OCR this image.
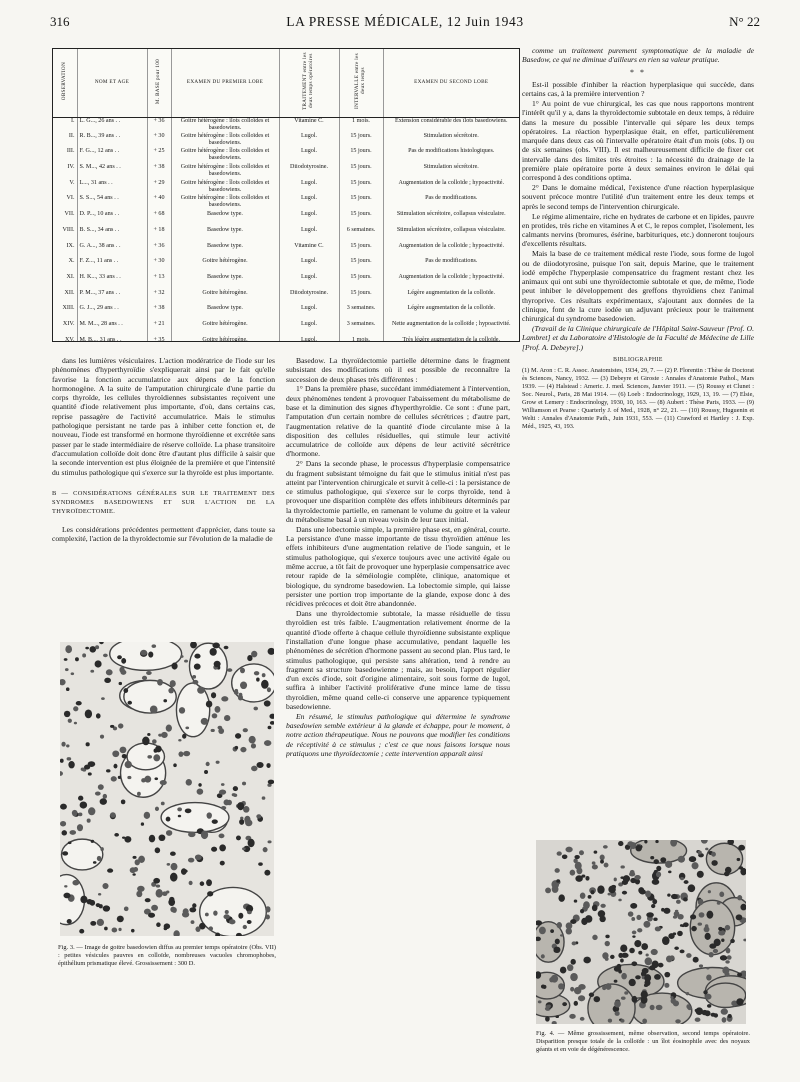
316	LA PRESSE MÉDICALE, 12 Juin 1943	N° 22
OBSERVATION	NOM ET AGE	M. BASE pour 100	EXAMEN DU PREMIER LOBE	TRAITEMENT entre les deux temps opératoires	INTERVALLE entre les deux temps	EXAMEN DU SECOND LOBE
I.	L. G..., 26 ans . .	+ 36	Goitre hétérogène : îlots colloïdes et basedowiens.	Vitamine C.	1 mois.	Extension considérable des îlots basedowiens.
II.	R. B..., 39 ans . .	+ 30	Goitre hétérogène : îlots colloïdes et basedowiens.	Lugol.	15 jours.	Stimulation sécrétoire.
III.	F. G..., 12 ans . .	+ 25	Goitre hétérogène : îlots colloïdes et basedowiens.	Lugol.	15 jours.	Pas de modifications histologiques.
IV.	S. M..., 42 ans . .	+ 38	Goitre hétérogène : îlots colloïdes et basedowiens.	Diiodotyrosine.	15 jours.	Stimulation sécrétoire.
V.	L..., 31 ans . .	+ 29	Goitre hétérogène : îlots colloïdes et basedowiens.	Lugol.	15 jours.	Augmentation de la colloïde ; hypoactivité.
VI.	S. S..., 54 ans . .	+ 40	Goitre hétérogène : îlots colloïdes et basedowiens.	Lugol.	15 jours.	Pas de modifications.
VII.	D. P..., 10 ans . .	+ 68	Basedow type.	Lugol.	15 jours.	Stimulation sécrétoire, collapsus vésiculaire.
VIII.	B. S..., 34 ans . .	+ 18	Basedow type.	Lugol.	6 semaines.	Stimulation sécrétoire, collapsus vésiculaire.
IX.	G. A..., 38 ans . .	+ 36	Basedow type.	Vitamine C.	15 jours.	Augmentation de la colloïde ; hypoactivité.
X.	F. Z..., 11 ans . .	+ 30	Goitre hétérogène.	Lugol.	15 jours.	Pas de modifications.
XI.	H. K..., 33 ans . .	+ 13	Basedow type.	Lugol.	15 jours.	Augmentation de la colloïde ; hypoactivité.
XII.	P. M..., 37 ans . .	+ 32	Goitre hétérogène.	Diiodotyrosine.	15 jours.	Légère augmentation de la colloïde.
XIII.	G. J..., 29 ans . .	+ 38	Basedow type.	Lugol.	3 semaines.	Légère augmentation de la colloïde.
XIV.	M. M..., 28 ans . .	+ 21	Goitre hétérogène.	Lugol.	3 semaines.	Nette augmentation de la colloïde ; hypoactivité.
XV.	M. B..., 31 ans . .	+ 35	Goitre hétérogène.	Lugol.	1 mois.	Très légère augmentation de la colloïde.

dans les lumières vésiculaires. L'action modératrice de l'iode sur les phénomènes d'hyperthyroïdie s'expliquerait ainsi par le fait qu'elle favorise la fonction accumulatrice aux dépens de la fonction hormonogène. A la suite de l'amputation chirurgicale d'une partie du corps thyroïde, les cellules thyroïdiennes subsistantes reçoivent une quantité d'iode relativement plus importante, d'où, dans certains cas, reprise passagère de l'activité accumulatrice. Mais le stimulus pathologique persistant ne tarde pas à inhiber cette fonction et, de nouveau, l'iode est transformé en hormone thyroïdienne et excrétée sans passer par le stade intermédiaire de réserve colloïde. La phase transitoire d'accumulation colloïde doit donc être d'autant plus difficile à saisir que la seconde intervention est plus éloignée de la première et que l'intensité du stimulus pathologique qui s'exerce sur la thyroïde est plus importante.

B — CONSIDÉRATIONS GÉNÉRALES SUR LE TRAITEMENT DES SYNDROMES BASEDOWIENS ET SUR L'ACTION DE LA THYROÏDECTOMIE.

Les considérations précédentes permettent d'apprécier, dans toute sa complexité, l'action de la thyroïdectomie sur l'évolution de la maladie de

Fig. 3. — Image de goitre basedowien diffus au premier temps opératoire (Obs. VII) : petites vésicules pauvres en colloïde, nombreuses vacuoles chromophobes, épithélium prismatique élevé. Grossissement : 300 D.

Basedow. La thyroïdectomie partielle détermine dans le fragment subsistant des modifications où il est possible de reconnaître la succession de deux phases très différentes :

1° Dans la première phase, succédant immédiatement à l'intervention, deux phénomènes tendent à provoquer l'abaissement du métabolisme de base et la diminution des signes d'hyperthyroïdie. Ce sont : d'une part, l'amputation d'un certain nombre de cellules sécrétrices ; d'autre part, l'augmentation relative de la quantité d'iode circulante mise à la disposition des cellules résiduelles, qui stimule leur activité accumulatrice de colloïde aux dépens de leur activité sécrétrice d'hormone.

2° Dans la seconde phase, le processus d'hyperplasie compensatrice du fragment subsistant témoigne du fait que le stimulus initial n'est pas atteint par l'intervention chirurgicale et survit à celle-ci : la persistance de ce stimulus pathologique, qui s'exerce sur le corps thyroïde, tend à provoquer une disparition complète des effets inhibiteurs déterminés par la thyroïdectomie partielle, en ramenant le volume du goitre et la valeur du métabolisme basal à un niveau voisin de leur taux initial.

Dans une lobectomie simple, la première phase est, en général, courte. La persistance d'une masse importante de tissu thyroïdien atténue les effets inhibiteurs d'une augmentation relative de l'iode sanguin, et le stimulus pathologique, qui s'exerce toujours avec une activité égale ou même accrue, a tôt fait de provoquer une hyperplasie compensatrice avec retour rapide de la séméiologie complète, clinique, anatomique et biologique, du syndrome basedowien. La lobectomie simple, qui laisse persister une portion trop importante de la glande, expose donc à des récidives précoces et doit être abandonnée.

Dans une thyroïdectomie subtotale, la masse résiduelle de tissu thyroïdien est très faible. L'augmentation relativement énorme de la quantité d'iode offerte à chaque cellule thyroïdienne subsistante explique l'installation d'une longue phase accumulative, pendant laquelle les phénomènes de sécrétion d'hormone passent au second plan. Plus tard, le stimulus pathologique, qui persiste sans altération, tend à rendre au fragment sa structure basedowienne ; mais, au besoin, l'apport régulier d'un excès d'iode, soit d'origine alimentaire, soit sous forme de lugol, suffira à inhiber l'activité proliférative d'une mince lame de tissu thyroïdien, même quand celle-ci conserve une apparence typiquement basedowienne.

En résumé, le stimulus pathologique qui détermine le syndrome basedowien semble extérieur à la glande et échappe, pour le moment, à notre action thérapeutique. Nous ne pouvons que modifier les conditions de réceptivité à ce stimulus ; c'est ce que nous faisons lorsque nous pratiquons une thyroïdectomie ; cette intervention apparaît ainsi

comme un traitement purement symptomatique de la maladie de Basedow, ce qui ne diminue d'ailleurs en rien sa valeur pratique.

* *

Est-il possible d'inhiber la réaction hyperplasique qui succède, dans certains cas, à la première intervention ?

1° Au point de vue chirurgical, les cas que nous rapportons montrent l'intérêt qu'il y a, dans la thyroïdectomie subtotale en deux temps, à réduire dans la mesure du possible l'intervalle qui sépare les deux temps opératoires. La réaction hyperplasique était, en effet, particulièrement marquée dans deux cas où l'intervalle opératoire était d'un mois (obs. I) ou de six semaines (obs. VIII). Il est malheureusement difficile de fixer cet intervalle dans des limites très étroites : la nécessité du drainage de la première plaie opératoire porte à deux semaines environ le délai qui correspond à des conditions optima.

2° Dans le domaine médical, l'existence d'une réaction hyperplasique souvent précoce montre l'utilité d'un traitement entre les deux temps et après le second temps de l'intervention chirurgicale.

Le régime alimentaire, riche en hydrates de carbone et en lipides, pauvre en protides, très riche en vitamines A et C, le repos complet, l'isolement, les calmants nervins (bromures, ésérine, barbituriques, etc.) donneront toujours d'excellents résultats.

Mais la base de ce traitement médical reste l'iode, sous forme de lugol ou de diiodotyrosine, puisque l'on sait, depuis Marine, que le traitement iodé empêche l'hyperplasie compensatrice du fragment restant chez les animaux qui ont subi une thyroïdectomie subtotale et que, de même, l'iode peut inhiber le développement des greffons thyroïdiens chez l'animal thyroprive. Ces résultats expérimentaux, s'ajoutant aux données de la clinique, font de la cure iodée un adjuvant précieux pour le traitement chirurgical du syndrome basedowien.

(Travail de la Clinique chirurgicale de l'Hôpital Saint-Sauveur [Prof. O. Lambret] et du Laboratoire d'Histologie de la Faculté de Médecine de Lille [Prof. A. Debeyre].)

BIBLIOGRAPHIE

(1) M. Aron : C. R. Assoc. Anatomistes, 1934, 29, 7. — (2) P. Florentin : Thèse de Doctorat ès Sciences, Nancy, 1932. — (3) Debeyre et Giroste : Annales d'Anatomie Pathol., Mars 1939. — (4) Halstead : Americ. J. med. Sciences, Janvier 1911. — (5) Roussy et Clunet : Soc. Neurol., Paris, 28 Mai 1914. — (6) Loeb : Endocrinology, 1929, 13, 19. — (7) Elsie, Grow et Lemery : Endocrinology, 1930, 10, 163. — (8) Aubert : Thèse Paris, 1933. — (9) Williamson et Pearse : Quarterly J. of Med., 1928, n° 22, 21. — (10) Roussy, Huguenin et Welti : Annales d'Anatomie Path., Juin 1931, 553. — (11) Crawford et Hartley : J. Exp. Méd., 1925, 43, 193.

Fig. 4. — Même grossissement, même observation, second temps opératoire. Disparition presque totale de la colloïde : un îlot éosinophile avec des noyaux géants et en voie de dégénérescence.
